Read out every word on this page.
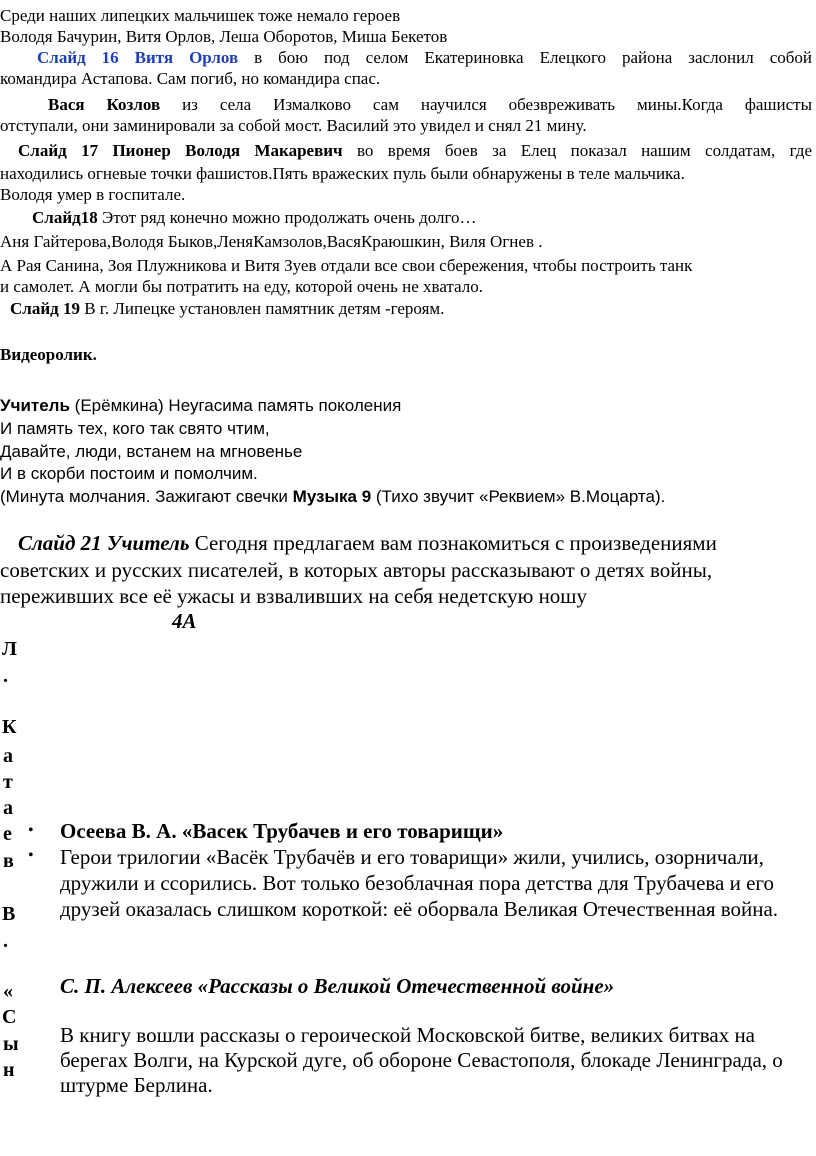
Среди наших липецких мальчишек тоже немало героев
Володя Бачурин, Витя Орлов, Леша Оборотов, Миша Бекетов
Слайд 16 Витя Орлов в бою под селом Екатериновка Елецкого района заслонил собой
командира Астапова. Сам погиб, но командира спас.
Вася Козлов из села Измалково сам научился обезвреживать мины.Когда фашисты
отступали, они заминировали за собой мост. Василий это увидел и снял 21 мину.
Слайд 17 Пионер Володя Макаревич во время боев за Елец показал нашим солдатам, где
находились огневые точки фашистов.Пять вражеских пуль были обнаружены в теле мальчика.
Володя умер в госпитале.
Слайд18 Этот ряд конечно можно продолжать очень долго…
Аня Гайтерова,Володя Быков,ЛеняКамзолов,ВасяКраюшкин, Виля Огнев .
А Рая Санина, Зоя Плужникова и Витя Зуев отдали все свои сбережения, чтобы построить танк
и самолет. А могли бы потратить на еду, которой очень не хватало.
Слайд 19 В г. Липецке установлен памятник детям -героям.
Видеоролик.
Учитель (Ерёмкина) Неугасима память поколения
И память тех, кого так свято чтим,
Давайте, люди, встанем на мгновенье
И в скорби постоим и помолчим.
(Минута молчания. Зажигают свечки Музыка 9 (Тихо звучит «Реквием» В.Моцарта).
Слайд 21 Учитель Сегодня предлагаем вам познакомиться с произведениями
советских и русских писателей, в которых авторы рассказывают о детях войны,
переживших все её ужасы и взваливших на себя недетскую ношу
4А
Л
.
К
а
т
а
е
в
В
.
«
С
ы
н
• Осеева В. А. «Васек Трубачев и его товарищи»
• Герои трилогии «Васёк Трубачёв и его товарищи» жили, учились, озорничали, дружили и ссорились. Вот только безоблачная пора детства для Трубачева и его друзей оказалась слишком короткой: её оборвала Великая Отечественная война.
С. П. Алексеев «Рассказы о Великой Отечественной войне»
В книгу вошли рассказы о героической Московской битве, великих битвах на берегах Волги, на Курской дуге, об обороне Севастополя, блокаде Ленинграда, о штурме Берлина.
